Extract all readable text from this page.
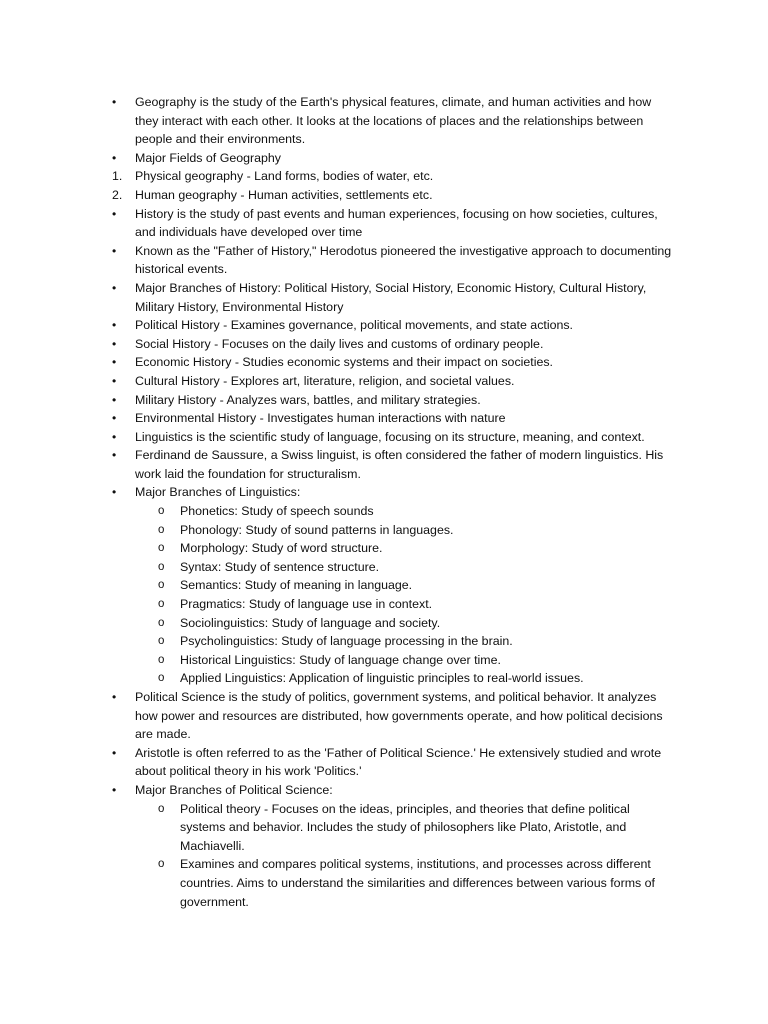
•	Geography is the study of the Earth's physical features, climate, and human activities and how they interact with each other. It looks at the locations of places and the relationships between people and their environments.
•	Major Fields of Geography
1.	Physical geography - Land forms, bodies of water, etc.
2.	Human geography - Human activities, settlements etc.
•	History is the study of past events and human experiences, focusing on how societies, cultures, and individuals have developed over time
•	Known as the "Father of History," Herodotus pioneered the investigative approach to documenting historical events.
•	Major Branches of History: Political History, Social History, Economic History, Cultural History, Military History, Environmental History
•	Political History - Examines governance, political movements, and state actions.
•	Social History - Focuses on the daily lives and customs of ordinary people.
•	Economic History - Studies economic systems and their impact on societies.
•	Cultural History - Explores art, literature, religion, and societal values.
•	Military History - Analyzes wars, battles, and military strategies.
•	Environmental History - Investigates human interactions with nature
•	Linguistics is the scientific study of language, focusing on its structure, meaning, and context.
•	Ferdinand de Saussure, a Swiss linguist, is often considered the father of modern linguistics. His work laid the foundation for structuralism.
•	Major Branches of Linguistics:
o	Phonetics: Study of speech sounds
o	Phonology: Study of sound patterns in languages.
o	Morphology: Study of word structure.
o	Syntax: Study of sentence structure.
o	Semantics: Study of meaning in language.
o	Pragmatics: Study of language use in context.
o	Sociolinguistics: Study of language and society.
o	Psycholinguistics: Study of language processing in the brain.
o	Historical Linguistics: Study of language change over time.
o	Applied Linguistics: Application of linguistic principles to real-world issues.
•	Political Science is the study of politics, government systems, and political behavior. It analyzes how power and resources are distributed, how governments operate, and how political decisions are made.
•	Aristotle is often referred to as the 'Father of Political Science.' He extensively studied and wrote about political theory in his work 'Politics.'
•	Major Branches of Political Science:
o	Political theory - Focuses on the ideas, principles, and theories that define political systems and behavior. Includes the study of philosophers like Plato, Aristotle, and Machiavelli.
o	Examines and compares political systems, institutions, and processes across different countries. Aims to understand the similarities and differences between various forms of government.
